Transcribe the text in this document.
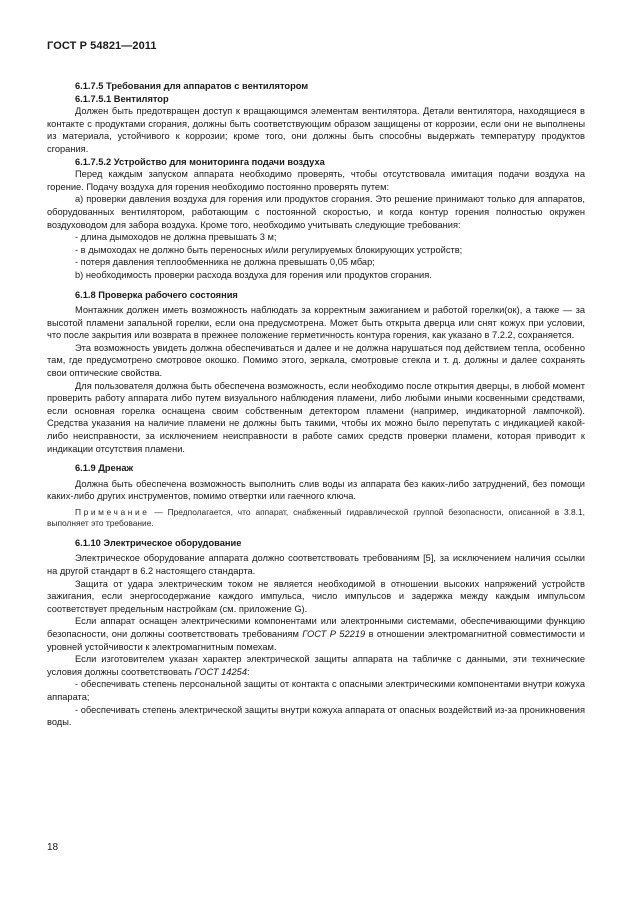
ГОСТ Р 54821—2011

6.1.7.5 Требования для аппаратов с вентилятором

6.1.7.5.1 Вентилятор

Должен быть предотвращен доступ к вращающимся элементам вентилятора. Детали вентилятора, находящиеся в контакте с продуктами сгорания, должны быть соответствующим образом защищены от коррозии, если они не выполнены из материала, устойчивого к коррозии; кроме того, они должны быть способны выдержать температуру продуктов сгорания.

6.1.7.5.2 Устройство для мониторинга подачи воздуха

Перед каждым запуском аппарата необходимо проверять, чтобы отсутствовала имитация подачи воздуха на горение. Подачу воздуха для горения необходимо постоянно проверять путем:

а) проверки давления воздуха для горения или продуктов сгорания. Это решение принимают только для аппаратов, оборудованных вентилятором, работающим с постоянной скоростью, и когда контур горения полностью окружен воздуховодом для забора воздуха. Кроме того, необходимо учитывать следующие требования:

- длина дымоходов не должна превышать 3 м;

- в дымоходах не должно быть переносных и/или регулируемых блокирующих устройств;

- потеря давления теплообменника не должна превышать 0,05 мбар;

b) необходимость проверки расхода воздуха для горения или продуктов сгорания.

6.1.8 Проверка рабочего состояния

Монтажник должен иметь возможность наблюдать за корректным зажиганием и работой горелки(ок), а также — за высотой пламени запальной горелки, если она предусмотрена. Может быть открыта дверца или снят кожух при условии, что после закрытия или возврата в прежнее положение герметичность контура горения, как указано в 7.2.2, сохраняется.

Эта возможность увидеть должна обеспечиваться и далее и не должна нарушаться под действием тепла, особенно там, где предусмотрено смотровое окошко. Помимо этого, зеркала, смотровые стекла и т. д. должны и далее сохранять свои оптические свойства.

Для пользователя должна быть обеспечена возможность, если необходимо после открытия дверцы, в любой момент проверить работу аппарата либо путем визуального наблюдения пламени, либо любыми иными косвенными средствами, если основная горелка оснащена своим собственным детектором пламени (например, индикаторной лампочкой). Средства указания на наличие пламени не должны быть такими, чтобы их можно было перепутать с индикацией какой-либо неисправности, за исключением неисправности в работе самих средств проверки пламени, которая приводит к индикации отсутствия пламени.

6.1.9 Дренаж

Должна быть обеспечена возможность выполнить слив воды из аппарата без каких-либо затруднений, без помощи каких-либо других инструментов, помимо отвертки или гаечного ключа.

Примечание — Предполагается, что аппарат, снабженный гидравлической группой безопасности, описанной в 3.8.1, выполняет это требование.

6.1.10 Электрическое оборудование

Электрическое оборудование аппарата должно соответствовать требованиям [5], за исключением наличия ссылки на другой стандарт в 6.2 настоящего стандарта.

Защита от удара электрическим током не является необходимой в отношении высоких напряжений устройств зажигания, если энергосодержание каждого импульса, число импульсов и задержка между каждым импульсом соответствует предельным настройкам (см. приложение G).

Если аппарат оснащен электрическими компонентами или электронными системами, обеспечивающими функцию безопасности, они должны соответствовать требованиям ГОСТ Р 52219 в отношении электромагнитной совместимости и уровней устойчивости к электромагнитным помехам.

Если изготовителем указан характер электрической защиты аппарата на табличке с данными, эти технические условия должны соответствовать ГОСТ 14254:

- обеспечивать степень персональной защиты от контакта с опасными электрическими компонентами внутри кожуха аппарата;

- обеспечивать степень электрической защиты внутри кожуха аппарата от опасных воздействий из-за проникновения воды.

18
